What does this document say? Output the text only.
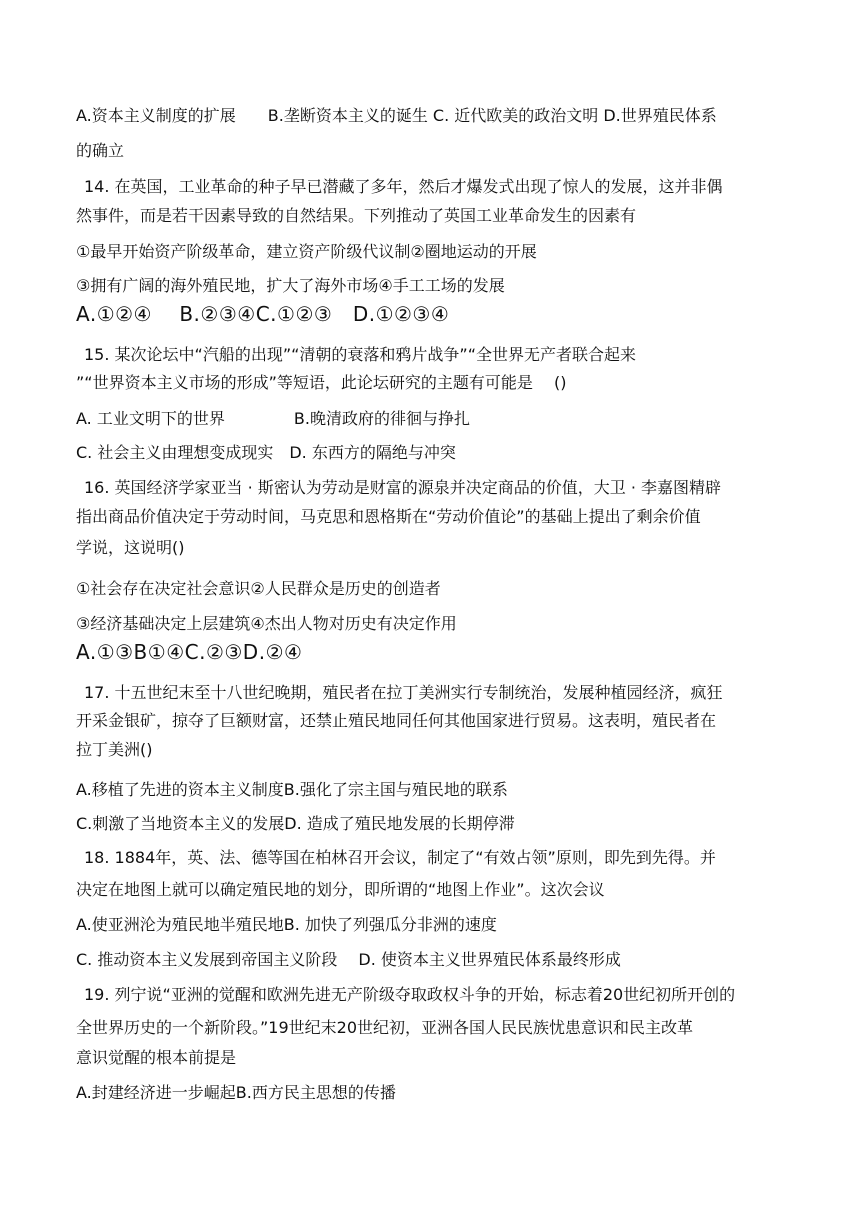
A.资本主义制度的扩展　　B.垄断资本主义的诞生 C. 近代欧美的政治文明 D.世界殖民体系
的确立
14. 在英国，工业革命的种子早已潜藏了多年，然后才爆发式出现了惊人的发展，这并非偶
然事件，而是若干因素导致的自然结果。下列推动了英国工业革命发生的因素有
①最早开始资产阶级革命，建立资产阶级代议制②圈地运动的开展
③拥有广阔的海外殖民地，扩大了海外市场④手工工场的发展
A.①②④　 B.②③④C.①②③　D.①②③④
15. 某次论坛中“汽船的出现”“清朝的衰落和鸦片战争”“全世界无产者联合起来
”“世界资本主义市场的形成”等短语，此论坛研究的主题有可能是　 ()
A. 工业文明下的世界　　　　 B.晚清政府的徘徊与挣扎
C. 社会主义由理想变成现实　D. 东西方的隔绝与冲突
16. 英国经济学家亚当 · 斯密认为劳动是财富的源泉并决定商品的价值，大卫 · 李嘉图精辟
指出商品价值决定于劳动时间，马克思和恩格斯在“劳动价值论”的基础上提出了剩余价值
学说，这说明()
①社会存在决定社会意识②人民群众是历史的创造者
③经济基础决定上层建筑④杰出人物对历史有决定作用
A.①③B①④C.②③D.②④
17. 十五世纪末至十八世纪晚期，殖民者在拉丁美洲实行专制统治，发展种植园经济，疯狂
开采金银矿，掠夺了巨额财富，还禁止殖民地同任何其他国家进行贸易。这表明，殖民者在
拉丁美洲()
A.移植了先进的资本主义制度B.强化了宗主国与殖民地的联系
C.刺激了当地资本主义的发展D. 造成了殖民地发展的长期停滞
18. 1884年，英、法、德等国在柏林召开会议，制定了“有效占领”原则，即先到先得。并
决定在地图上就可以确定殖民地的划分，即所谓的“地图上作业”。这次会议
A.使亚洲沦为殖民地半殖民地B. 加快了列强瓜分非洲的速度
C. 推动资本主义发展到帝国主义阶段　 D. 使资本主义世界殖民体系最终形成
19. 列宁说“亚洲的觉醒和欧洲先进无产阶级夺取政权斗争的开始，标志着20世纪初所开创的
全世界历史的一个新阶段。”19世纪末20世纪初，亚洲各国人民民族忧患意识和民主改革
意识觉醒的根本前提是
A.封建经济进一步崛起B.西方民主思想的传播
